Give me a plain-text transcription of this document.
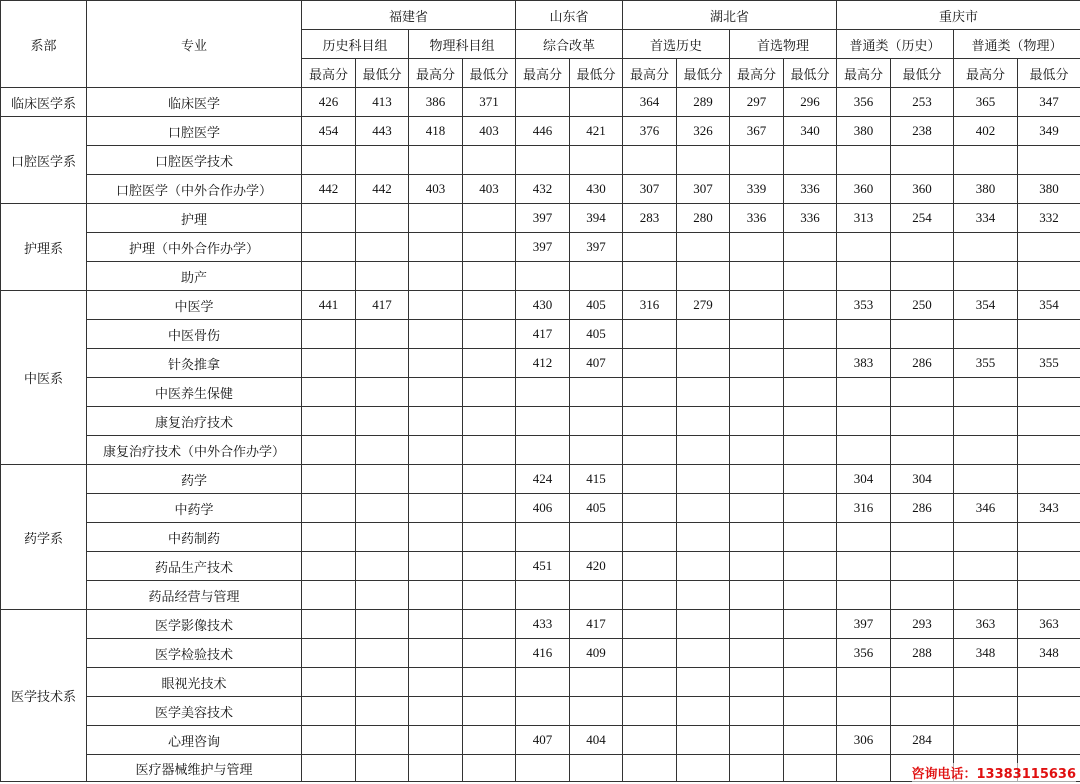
系部	专业	福建省				山东省		湖北省				重庆市			
		历史科目组		物理科目组		综合改革		首选历史		首选物理		普通类（历史）		普通类（物理）	
		最高分	最低分	最高分	最低分	最高分	最低分	最高分	最低分	最高分	最低分	最高分	最低分	最高分	最低分
临床医学系	临床医学	426	413	386	371			364	289	297	296	356	253	365	347
口腔医学系	口腔医学	454	443	418	403	446	421	376	326	367	340	380	238	402	349
	口腔医学技术														
	口腔医学（中外合作办学）	442	442	403	403	432	430	307	307	339	336	360	360	380	380
护理系	护理					397	394	283	280	336	336	313	254	334	332
	护理（中外合作办学）					397	397								
	助产														
中医系	中医学	441	417			430	405	316	279			353	250	354	354
	中医骨伤					417	405								
	针灸推拿					412	407					383	286	355	355
	中医养生保健														
	康复治疗技术														
	康复治疗技术（中外合作办学）														
药学系	药学					424	415					304	304		
	中药学					406	405					316	286	346	343
	中药制药														
	药品生产技术					451	420								
	药品经营与管理														
医学技术系	医学影像技术					433	417					397	293	363	363
	医学检验技术					416	409					356	288	348	348
	眼视光技术														
	医学美容技术														
	心理咨询					407	404					306	284		
	医疗器械维护与管理															咨询电话：13383115636
